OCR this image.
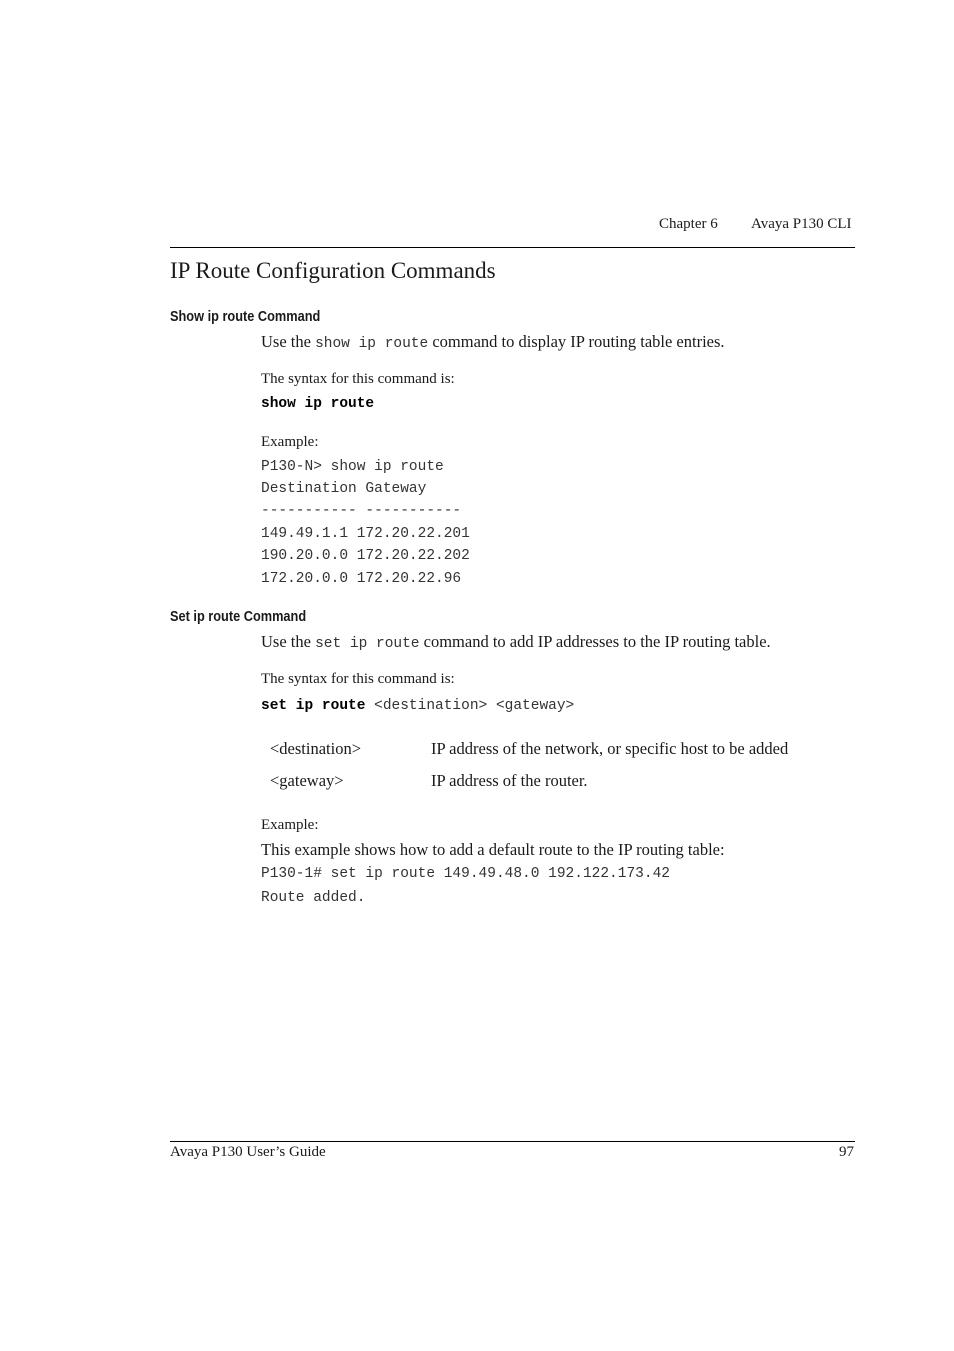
Chapter 6 Avaya P130 CLI
IP Route Configuration Commands
Show ip route Command
Use the show ip route command to display IP routing table entries.
The syntax for this command is:
show ip route
Example:
P130-N> show ip route
Destination Gateway
----------- -----------
149.49.1.1 172.20.22.201
190.20.0.0 172.20.22.202
172.20.0.0 172.20.22.96
Set ip route Command
Use the set ip route command to add IP addresses to the IP routing table.
The syntax for this command is:
set ip route <destination> <gateway>
<destination>	IP address of the network, or specific host to be added
<gateway>	IP address of the router.
Example:
This example shows how to add a default route to the IP routing table:
P130-1# set ip route 149.49.48.0 192.122.173.42
Route added.
Avaya P130 User’s Guide	97
